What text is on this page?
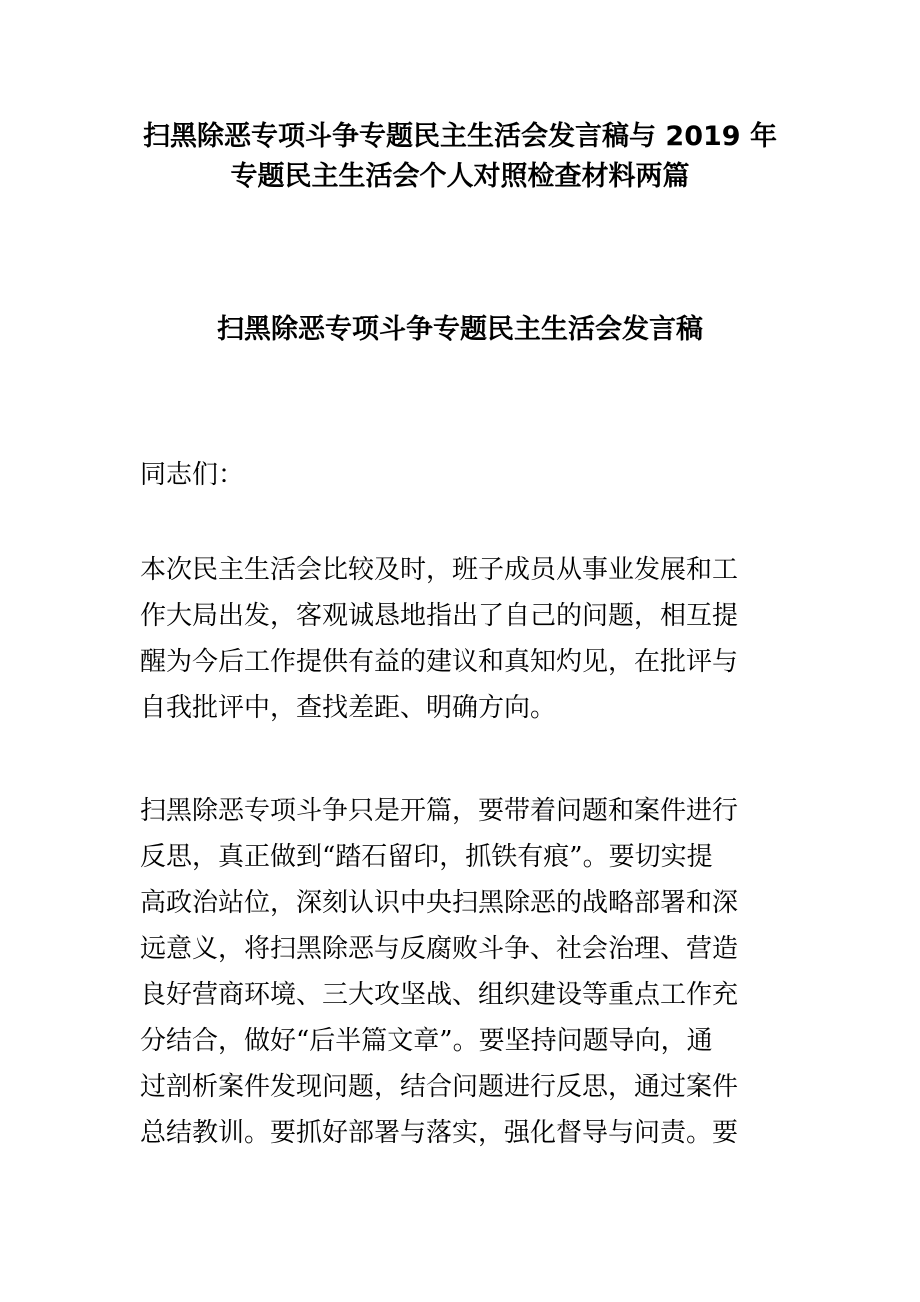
扫黑除恶专项斗争专题民主生活会发言稿与 2019 年
专题民主生活会个人对照检查材料两篇
扫黑除恶专项斗争专题民主生活会发言稿

同志们：

本次民主生活会比较及时，班子成员从事业发展和工
作大局出发，客观诚恳地指出了自己的问题，相互提
醒为今后工作提供有益的建议和真知灼见，在批评与
自我批评中，查找差距、明确方向。

扫黑除恶专项斗争只是开篇，要带着问题和案件进行
反思，真正做到“踏石留印，抓铁有痕”。要切实提
高政治站位，深刻认识中央扫黑除恶的战略部署和深
远意义，将扫黑除恶与反腐败斗争、社会治理、营造
良好营商环境、三大攻坚战、组织建设等重点工作充
分结合，做好“后半篇文章”。要坚持问题导向，通
过剖析案件发现问题，结合问题进行反思，通过案件
总结教训。要抓好部署与落实，强化督导与问责。要
